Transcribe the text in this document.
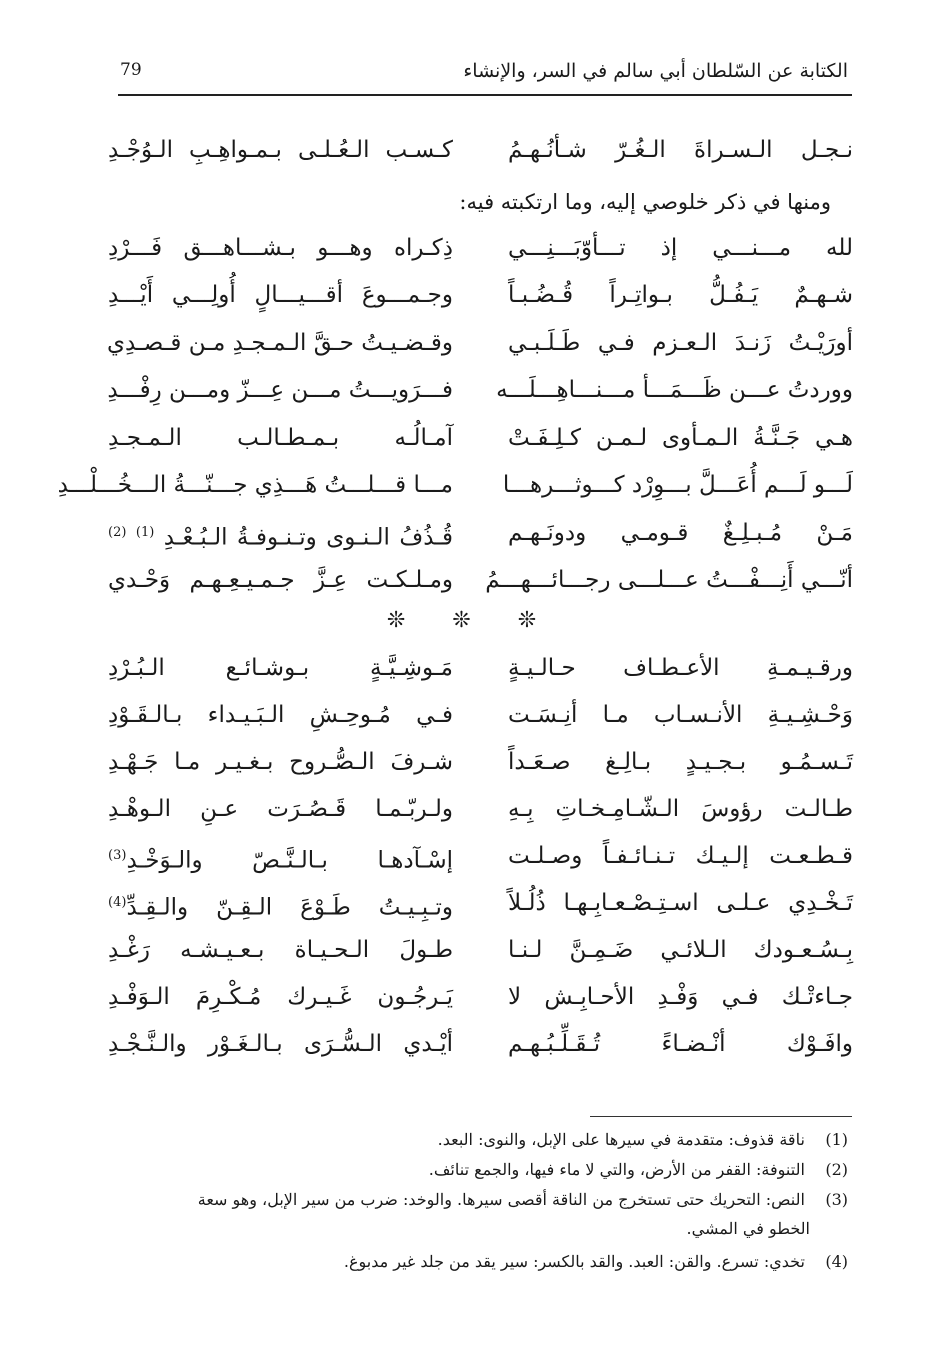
الكتابة عن السّلطان أبي سالم في السر، والإنشاء
79
نـجـل الـسـراةَ الـغُـرّ شـأنُـهـمُ
كـسـب الـعُـلـى بـمـواهِـبِ الـوُجْـدِ
ومنها في ذكر خلوصي إليه، وما ارتكبته فيه:
لله مـــنـــي إذ تـــأوّبَـــنِـــي
ذِكـراه وهـــو بـشـــاهـــق فَـــرْدِ
شـهـمٌ يَـفُـلُّ بـواتِـراً قُـضُـبـاً
وجـمـــوعَ أقـــيـــالٍ أُولِـــي أَيْـــدِ
أورَيْـتُ زَنـدَ الـعـزم فـي طَـلَـبـي
وقـضـيـتُ حـقَّ الـمـجـدِ مـن قـصـدِي
ووردتُ عـــن ظَـــمَـــأ مـــنـــاهِـــلَـــه
فـــرَويـــتُ مـــن عِـــزّ ومـــن رِفْـــدِ
هـي جَـنَّـةُ الـمـأوى لـمـن كـلِـفَـتْ
آمـالُـه بـمـطـالـب الـمـجـدِ
لَـــو لَـــم أُعَـــلَّ بـــوِرْد كـــوثـــرهـــا
مـــا قـــلـــتُ هَـــذِي جـــنّـــةُ الـــخُـــلْـــدِ
مَـنْ مُـبـلِـغٌ قـومـي ودونَـهـم
قُـذُفُ الـنـوى وتـنـوفـةُ الـبُـعْـدِ $^{(1)}$ $^{(2)}$
أنّـــي أَنِـــفْـــتُ عـــلـــى رجـــائـــهـــمُ
ومـلـكـت عِـزَّ جـمـيـعِـهـم وَحْـدي
❊ ❊ ❊
ورقـيـمـةِ الأعـطـاف حـالـيـةٍ
مَـوشِـيَّـةٍ بـوشـائـع الـبُـرْدِ
وَحْـشِـيـةِ الأنـسـاب مـا أنِـسَـت
فـي مُـوحِـشِ الـبَـيـداء بـالـقَـوْدِ
تَـسـمُـو بـجـيـدٍ بـالِـغ صـعَـداً
شـرفَ الـصُّـروح بـغـيـر مـا جَـهْـدِ
طـالـت رؤوسَ الـشّـامِـخـاتِ بِـهِ
ولـربّـمـا قَـصُـرَت عـنِ الـوهْـدِ
قـطـعـت إلـيـك تـنـائـفـاً وصـلـت
إسْـآدهـا بـالـنَّـصّ والـوَخْـدِ$^{(3)}$
تَـخْـدِي عـلـى اسـتِـصْـعـابِـهـا ذُلُـلاً
وتـبِـيـتُ طَـوْعَ الـقِـنّ والـقِـدِّ$^{(4)}$
بِـسُـعـودك الـلائـي ضَـمِـنَّ لـنـا
طـولَ الـحـيـاة بـعـيـشـه رَغْـدِ
جـاءتْـك فـي وَفْـدِ الأحـابِـش لا
يَـرجُـون غَـيـرك مُـكْـرِمَ الـوَفْـدِ
وافَـوْك أنْـضـاءً تُـقَـلِّـبُـهـم
أيْـدي الـسُّـرَى بـالـغَـوْر والـنَّـجْـدِ
(1) ناقة قذوف: متقدمة في سيرها على الإبل، والنوى: البعد.
(2) التنوفة: القفر من الأرض، والتي لا ماء فيها، والجمع تنائف.
(3) النص: التحريك حتى تستخرج من الناقة أقصى سيرها. والوخد: ضرب من سير الإبل، وهو سعة
الخطو في المشي.
(4) تخدي: تسرع. والقن: العبد. والقد بالكسر: سير يقد من جلد غير مدبوغ.
